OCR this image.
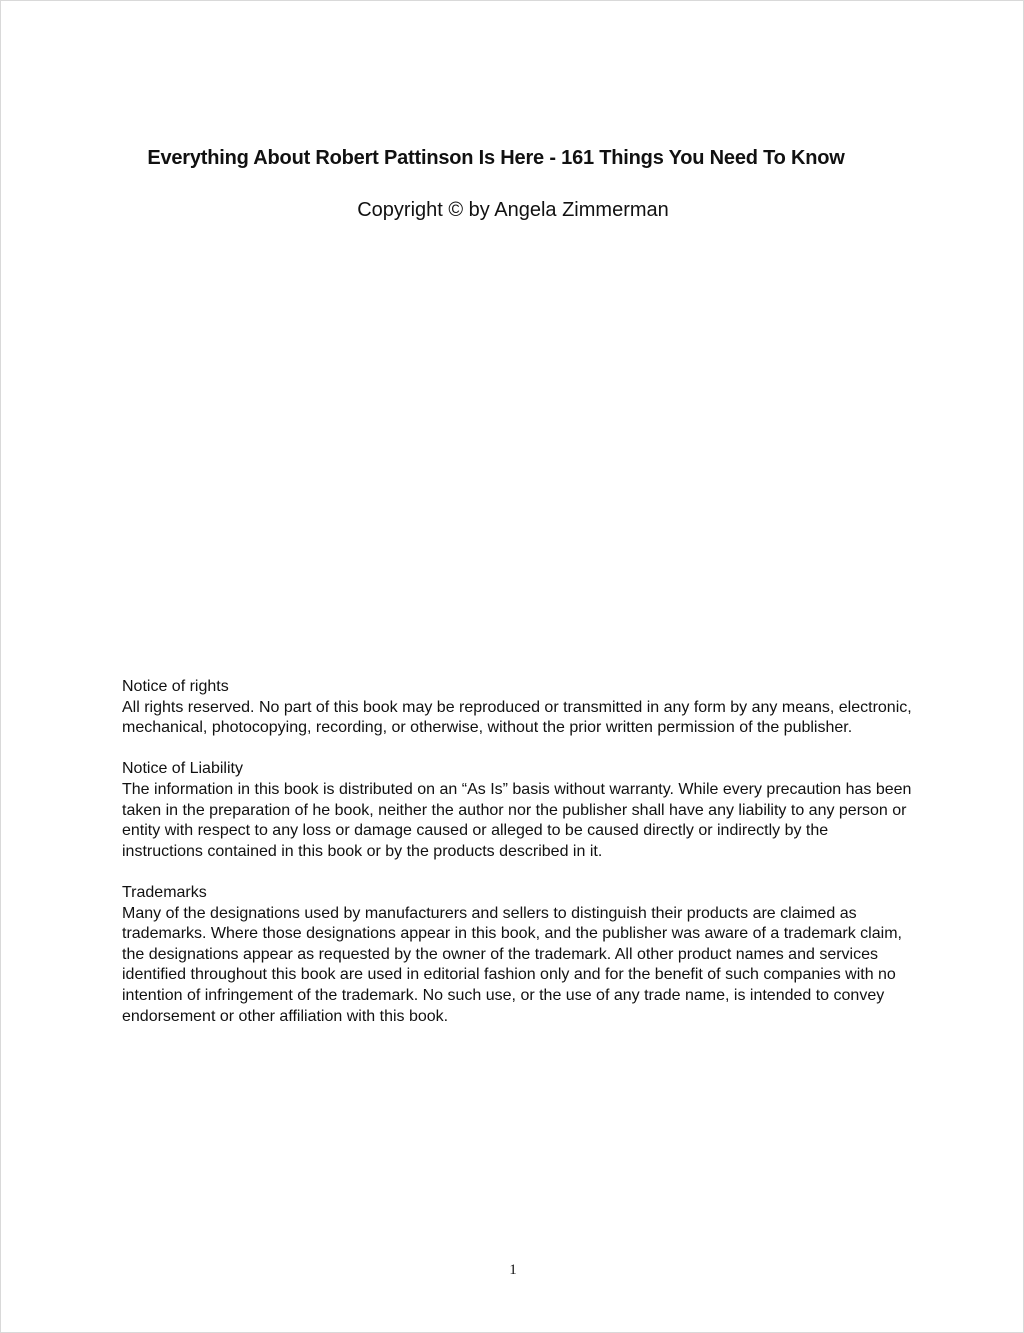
Everything About Robert Pattinson Is Here - 161 Things You Need To Know
Copyright © by Angela Zimmerman
Notice of rights
All rights reserved. No part of this book may be reproduced or transmitted in any form by any means, electronic, mechanical, photocopying, recording, or otherwise, without the prior written permission of the publisher.
Notice of Liability
The information in this book is distributed on an “As Is” basis without warranty. While every precaution has been taken in the preparation of he book, neither the author nor the publisher shall have any liability to any person or entity with respect to any loss or damage caused or alleged to be caused directly or indirectly by the instructions contained in this book or by the products described in it.
Trademarks
Many of the designations used by manufacturers and sellers to distinguish their products are claimed as trademarks. Where those designations appear in this book, and the publisher was aware of a trademark claim, the designations appear as requested by the owner of the trademark. All other product names and services identified throughout this book are used in editorial fashion only and for the benefit of such companies with no intention of infringement of the trademark. No such use, or the use of any trade name, is intended to convey endorsement or other affiliation with this book.
1
